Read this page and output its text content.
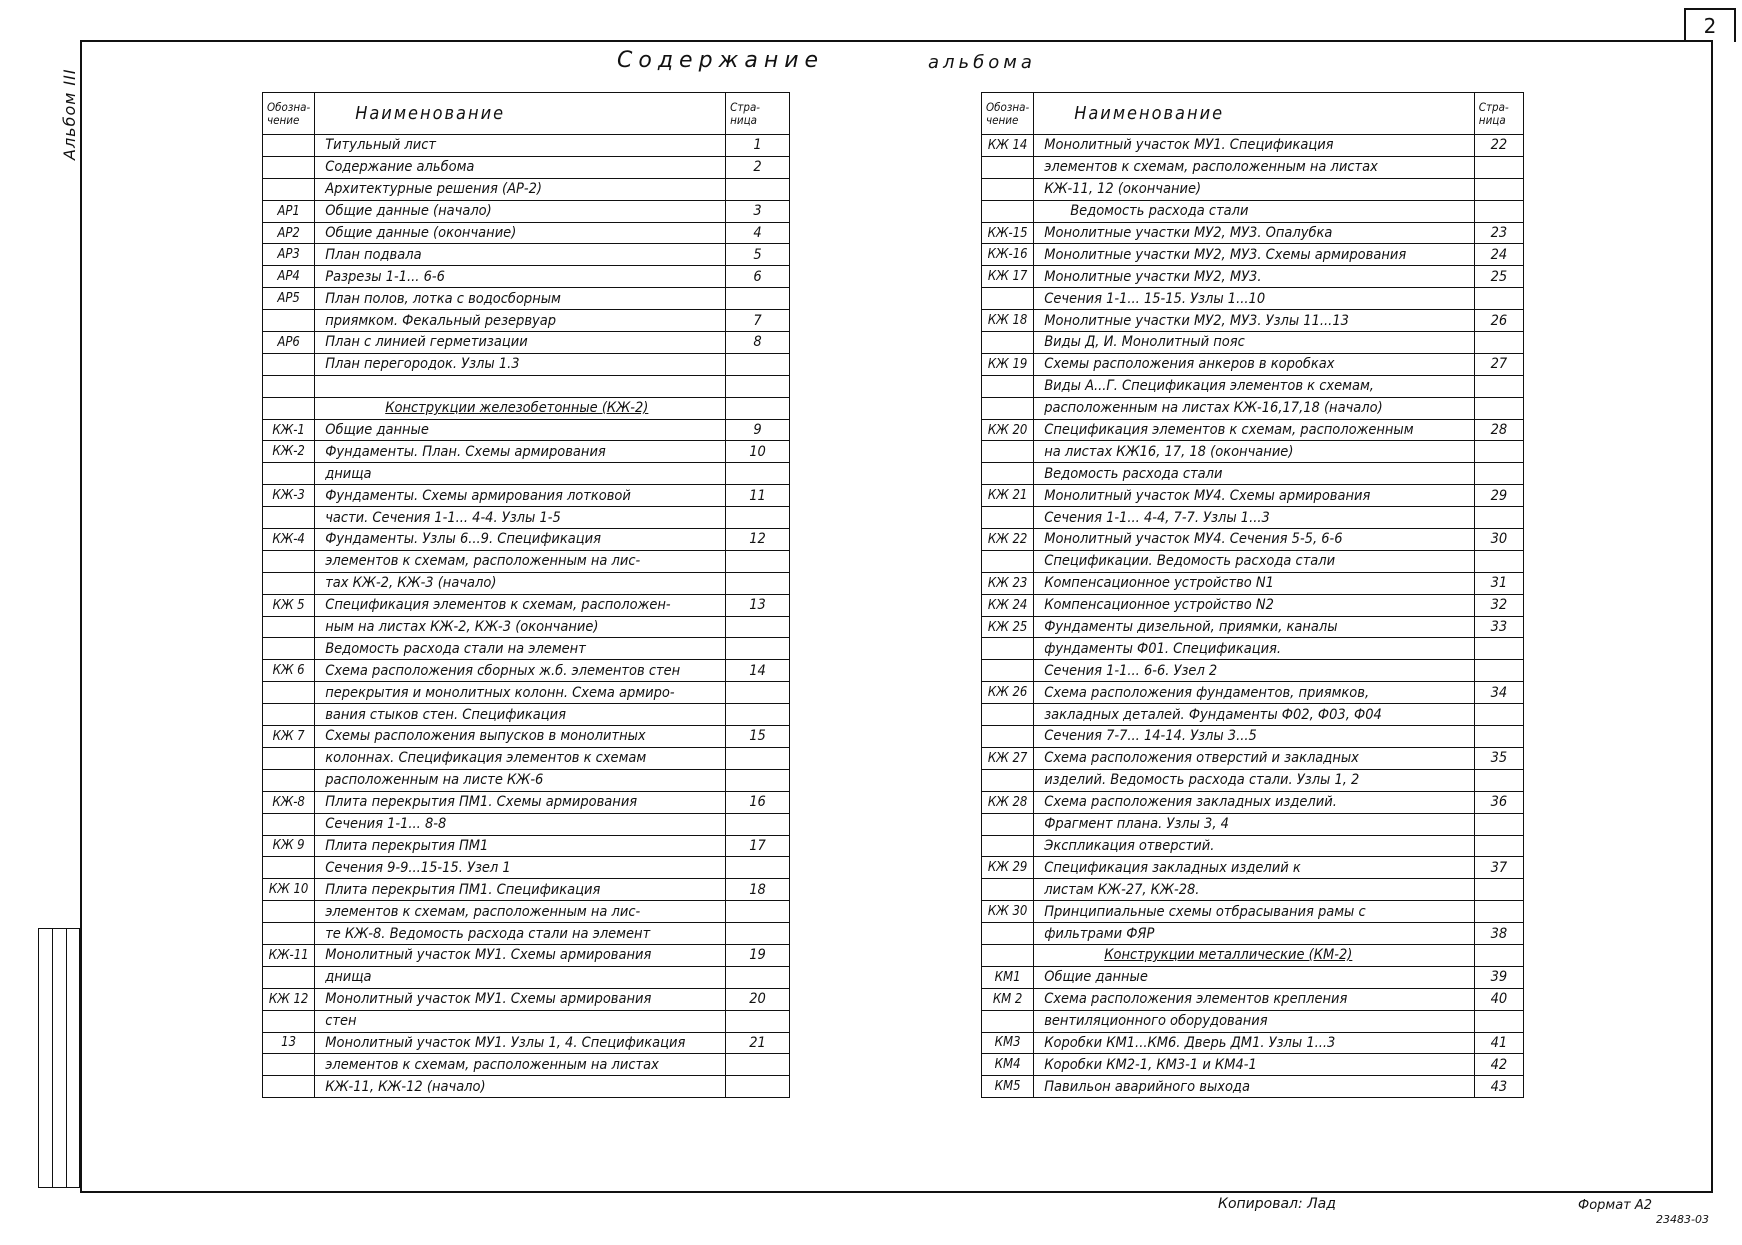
2
Альбом III
Содержание	альбома
Обозна-чение	Наименование	Стра-ница
	Титульный лист	1
	Содержание альбома	2
	Архитектурные решения (АР-2)	
АР1	Общие данные (начало)	3
АР2	Общие данные (окончание)	4
АР3	План подвала	5
АР4	Разрезы 1-1... 6-6	6
АР5	План полов, лотка с водосборным	
	приямком. Фекальный резервуар	7
АР6	План с линией герметизации	8
	План перегородок. Узлы 1.3	

	Конструкции железобетонные (КЖ-2)	
КЖ-1	Общие данные	9
КЖ-2	Фундаменты. План. Схемы армирования	10
	днища	
КЖ-3	Фундаменты. Схемы армирования лотковой	11
	части. Сечения 1-1... 4-4. Узлы 1-5	
КЖ-4	Фундаменты. Узлы 6...9. Спецификация	12
	элементов к схемам, расположенным на лис-	
	тах КЖ-2, КЖ-3 (начало)	
КЖ 5	Спецификация элементов к схемам, расположен-	13
	ным на листах КЖ-2, КЖ-3 (окончание)	
	Ведомость расхода стали на элемент	
КЖ 6	Схема расположения сборных ж.б. элементов стен	14
	перекрытия и монолитных колонн. Схема армиро-	
	вания стыков стен. Спецификация	
КЖ 7	Схемы расположения выпусков в монолитных	15
	колоннах. Спецификация элементов к схемам	
	расположенным на листе КЖ-6	
КЖ-8	Плита перекрытия ПМ1. Схемы армирования	16
	Сечения 1-1... 8-8	
КЖ 9	Плита перекрытия ПМ1	17
	Сечения 9-9...15-15. Узел 1	
КЖ 10	Плита перекрытия ПМ1. Спецификация	18
	элементов к схемам, расположенным на лис-	
	те КЖ-8. Ведомость расхода стали на элемент	
КЖ-11	Монолитный участок МУ1. Схемы армирования	19
	днища	
КЖ 12	Монолитный участок МУ1. Схемы армирования	20
	стен	
13	Монолитный участок МУ1. Узлы 1, 4. Спецификация	21
	элементов к схемам, расположенным на листах	
	КЖ-11, КЖ-12 (начало)	
Обозна-чение	Наименование	Стра-ница
КЖ 14	Монолитный участок МУ1. Спецификация	22
	элементов к схемам, расположенным на листах	
	КЖ-11, 12 (окончание)	
	Ведомость расхода стали	
КЖ-15	Монолитные участки МУ2, МУ3. Опалубка	23
КЖ-16	Монолитные участки МУ2, МУ3. Схемы армирования	24
КЖ 17	Монолитные участки МУ2, МУ3.	25
	Сечения 1-1... 15-15. Узлы 1...10	
КЖ 18	Монолитные участки МУ2, МУ3. Узлы 11...13	26
	Виды Д, И. Монолитный пояс	
КЖ 19	Схемы расположения анкеров в коробках	27
	Виды А...Г. Спецификация элементов к схемам,	
	расположенным на листах КЖ-16,17,18 (начало)	
КЖ 20	Спецификация элементов к схемам, расположенным	28
	на листах КЖ16, 17, 18 (окончание)	
	Ведомость расхода стали	
КЖ 21	Монолитный участок МУ4. Схемы армирования	29
	Сечения 1-1... 4-4, 7-7. Узлы 1...3	
КЖ 22	Монолитный участок МУ4. Сечения 5-5, 6-6	30
	Спецификации. Ведомость расхода стали	
КЖ 23	Компенсационное устройство N1	31
КЖ 24	Компенсационное устройство N2	32
КЖ 25	Фундаменты дизельной, приямки, каналы	33
	фундаменты Ф01. Спецификация.	
	Сечения 1-1... 6-6. Узел 2	
КЖ 26	Схема расположения фундаментов, приямков,	34
	закладных деталей. Фундаменты Ф02, Ф03, Ф04	
	Сечения 7-7... 14-14. Узлы 3...5	
КЖ 27	Схема расположения отверстий и закладных	35
	изделий. Ведомость расхода стали. Узлы 1, 2	
КЖ 28	Схема расположения закладных изделий.	36
	Фрагмент плана. Узлы 3, 4	
	Экспликация отверстий.	
КЖ 29	Спецификация закладных изделий к	37
	листам КЖ-27, КЖ-28.	
КЖ 30	Принципиальные схемы отбрасывания рамы с	
	фильтрами ФЯР	38
	Конструкции металлические (КМ-2)	
КМ1	Общие данные	39
КМ 2	Схема расположения элементов крепления	40
	вентиляционного оборудования	
КМ3	Коробки КМ1...КМ6. Дверь ДМ1. Узлы 1...3	41
КМ4	Коробки КМ2-1, КМ3-1 и КМ4-1	42
КМ5	Павильон аварийного выхода	43
Копировал: Лад	Формат А2
23483-03
